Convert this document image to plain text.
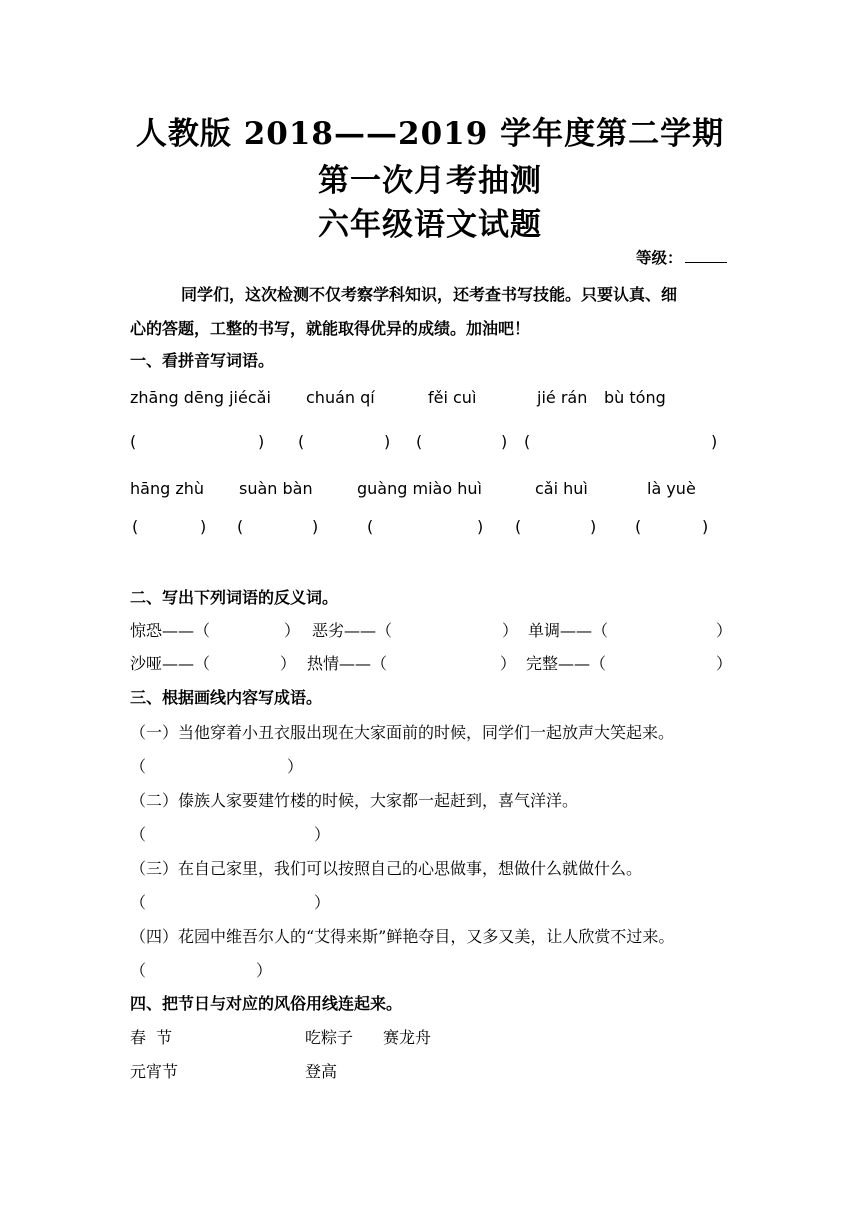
人教版 2018——2019 学年度第二学期
第一次月考抽测
六年级语文试题
等级：
同学们，这次检测不仅考察学科知识，还考查书写技能。只要认真、细
心的答题，工整的书写，就能取得优异的成绩。加油吧！
一、看拼音写词语。
zhāng dēng jiécǎi chuán qí	fěi cuì	jié rán bù tóng
(	) (	) (	) (	)
hāng zhù suàn bàn	guàng miào huì	cǎi huì	là yuè
(	) (	)	(	) (	) (	)
二、写出下列词语的反义词。
惊恐——（	） 恶劣——（	） 单调——（	）
沙哑——（	） 热情——（	） 完整——（	）
三、根据画线内容写成语。
（一）当他穿着小丑衣服出现在大家面前的时候，同学们一起放声大笑起来。
（	）
（二）傣族人家要建竹楼的时候，大家都一起赶到，喜气洋洋。
（	）
（三）在自己家里，我们可以按照自己的心思做事，想做什么就做什么。
（	）
（四）花园中维吾尔人的“艾得来斯”鲜艳夺目，又多又美，让人欣赏不过来。
（	）
四、把节日与对应的风俗用线连起来。
春  节	吃粽子 赛龙舟
元宵节	登高
